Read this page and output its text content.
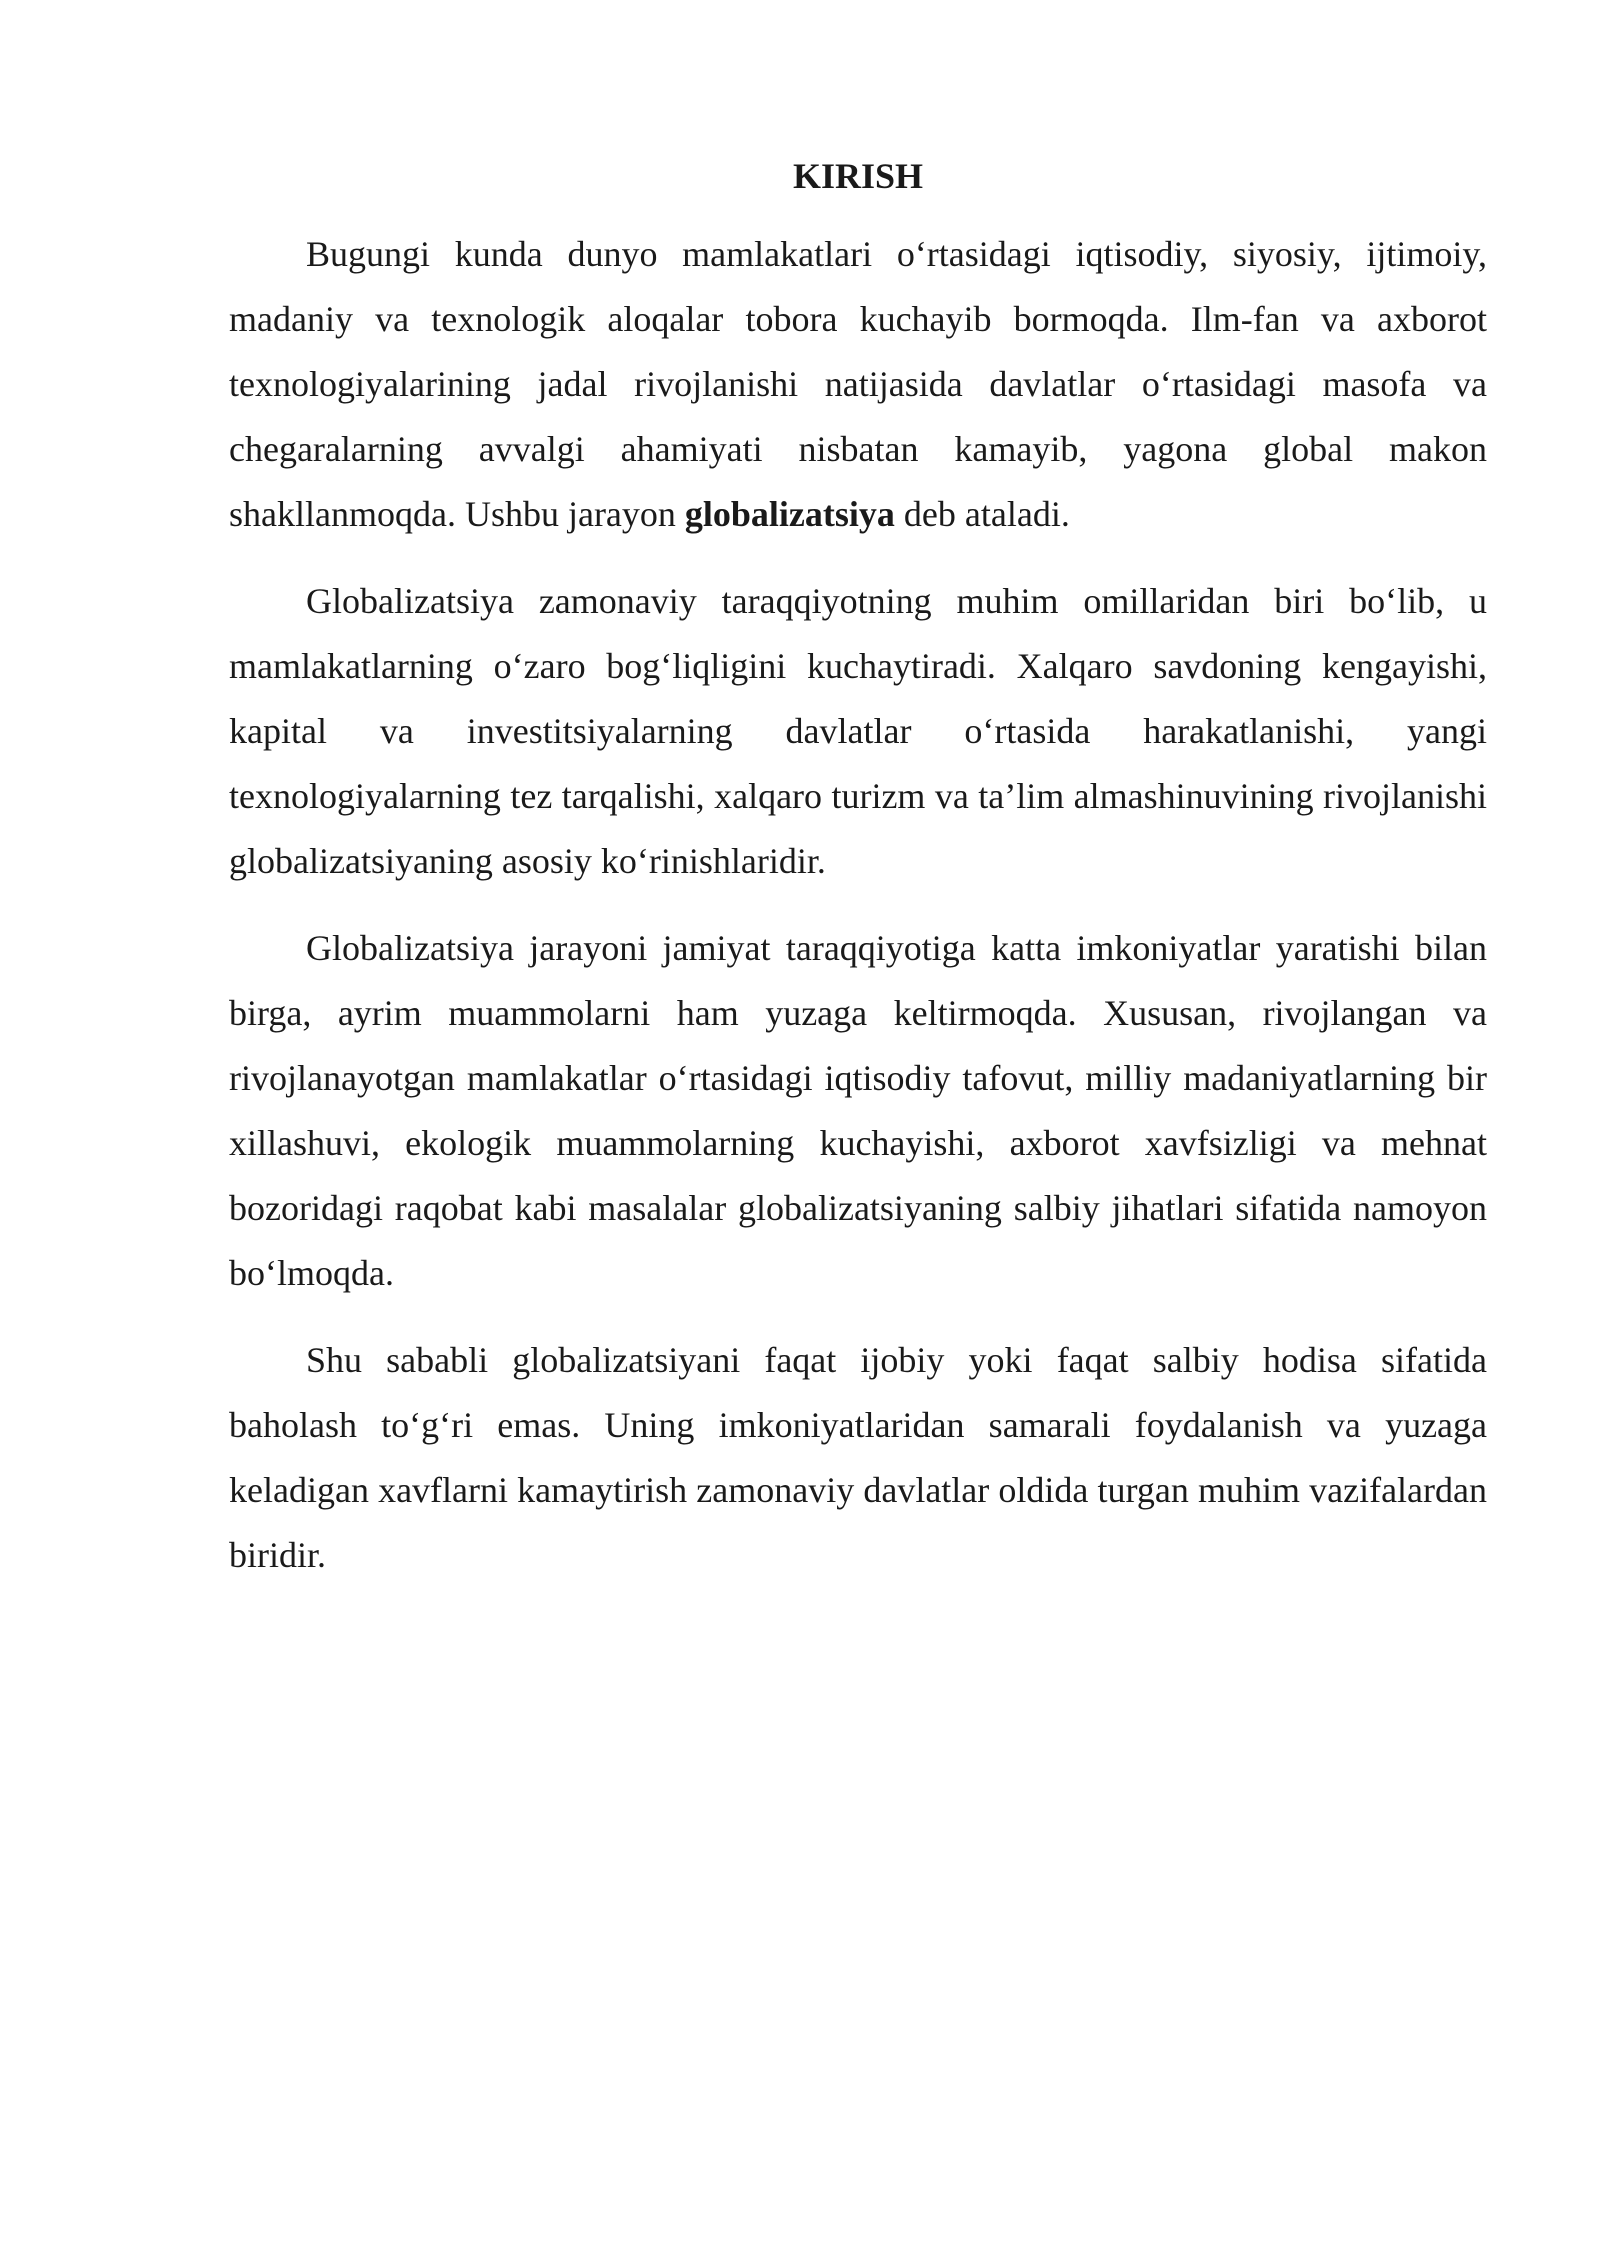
KIRISH

Bugungi kunda dunyo mamlakatlari o‘rtasidagi iqtisodiy, siyosiy, ijtimoiy, madaniy va texnologik aloqalar tobora kuchayib bormoqda. Ilm-fan va axborot texnologiyalarining jadal rivojlanishi natijasida davlatlar o‘rtasidagi masofa va chegaralarning avvalgi ahamiyati nisbatan kamayib, yagona global makon shakllanmoqda. Ushbu jarayon globalizatsiya deb ataladi.

Globalizatsiya zamonaviy taraqqiyotning muhim omillaridan biri bo‘lib, u mamlakatlarning o‘zaro bog‘liqligini kuchaytiradi. Xalqaro savdoning kengayishi, kapital va investitsiyalarning davlatlar o‘rtasida harakatlanishi, yangi texnologiyalarning tez tarqalishi, xalqaro turizm va ta’lim almashinuvining rivojlanishi globalizatsiyaning asosiy ko‘rinishlaridir.

Globalizatsiya jarayoni jamiyat taraqqiyotiga katta imkoniyatlar yaratishi bilan birga, ayrim muammolarni ham yuzaga keltirmoqda. Xususan, rivojlangan va rivojlanayotgan mamlakatlar o‘rtasidagi iqtisodiy tafovut, milliy madaniyatlarning bir xillashuvi, ekologik muammolarning kuchayishi, axborot xavfsizligi va mehnat bozoridagi raqobat kabi masalalar globalizatsiyaning salbiy jihatlari sifatida namoyon bo‘lmoqda.

Shu sababli globalizatsiyani faqat ijobiy yoki faqat salbiy hodisa sifatida baholash to‘g‘ri emas. Uning imkoniyatlaridan samarali foydalanish va yuzaga keladigan xavflarni kamaytirish zamonaviy davlatlar oldida turgan muhim vazifalardan biridir.
